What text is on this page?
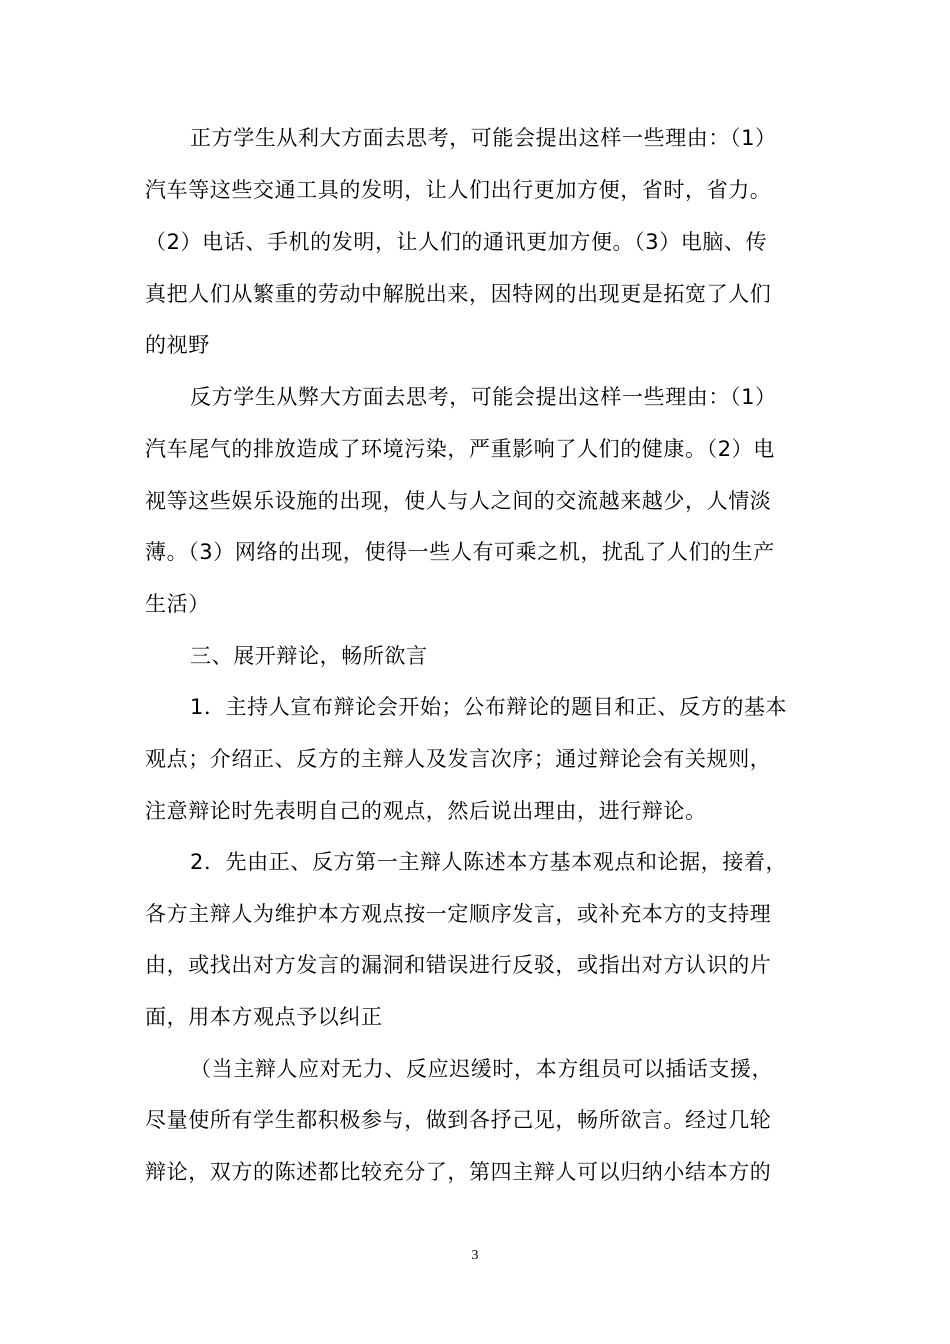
正方学生从利大方面去思考，可能会提出这样一些理由：（1）
汽车等这些交通工具的发明，让人们出行更加方便，省时，省力。
（2）电话、手机的发明，让人们的通讯更加方便。（3）电脑、传
真把人们从繁重的劳动中解脱出来，因特网的出现更是拓宽了人们
的视野
反方学生从弊大方面去思考，可能会提出这样一些理由：（1）
汽车尾气的排放造成了环境污染，严重影响了人们的健康。（2）电
视等这些娱乐设施的出现，使人与人之间的交流越来越少，人情淡
薄。（3）网络的出现，使得一些人有可乘之机，扰乱了人们的生产
生活）
三、展开辩论，畅所欲言
1．主持人宣布辩论会开始；公布辩论的题目和正、反方的基本
观点；介绍正、反方的主辩人及发言次序；通过辩论会有关规则，
注意辩论时先表明自己的观点，然后说出理由，进行辩论。
2．先由正、反方第一主辩人陈述本方基本观点和论据，接着，
各方主辩人为维护本方观点按一定顺序发言，或补充本方的支持理
由，或找出对方发言的漏洞和错误进行反驳，或指出对方认识的片
面，用本方观点予以纠正
（当主辩人应对无力、反应迟缓时，本方组员可以插话支援，
尽量使所有学生都积极参与，做到各抒己见，畅所欲言。经过几轮
辩论，双方的陈述都比较充分了，第四主辩人可以归纳小结本方的
3
